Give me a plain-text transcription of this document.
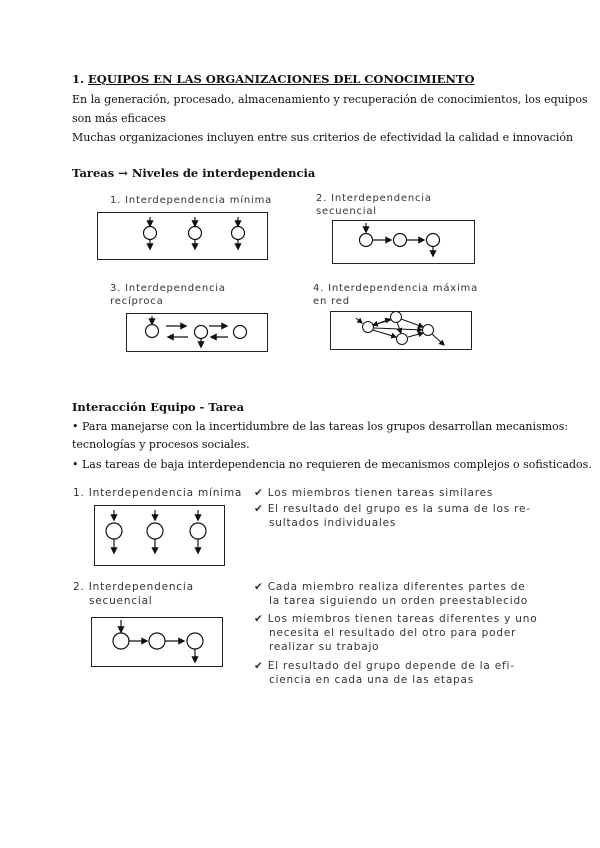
1. EQUIPOS EN LAS ORGANIZACIONES DEL CONOCIMIENTO
En la generación, procesado, almacenamiento y recuperación de conocimientos, los equipos
son más eficaces
Muchas organizaciones incluyen entre sus criterios de efectividad la calidad e innovación
Tareas → Niveles de interdependencia
1. Interdependencia mínima	2. Interdependencia
secuencial
3. Interdependencia
recíproca
4. Interdependencia máxima
en red
Interacción Equipo - Tarea
• Para manejarse con la incertidumbre de las tareas los grupos desarrollan mecanismos:
tecnologías y procesos sociales.
• Las tareas de baja interdependencia no requieren de mecanismos complejos o sofisticados.
1. Interdependencia mínima ✔ Los miembros tienen tareas similares
✔ El resultado del grupo es la suma de los re-
sultados individuales
2. Interdependencia
secuencial
✔ Cada miembro realiza diferentes partes de
la tarea siguiendo un orden preestablecido
✔ Los miembros tienen tareas diferentes y uno
necesita el resultado del otro para poder
realizar su trabajo
✔ El resultado del grupo depende de la efi-
ciencia en cada una de las etapas
